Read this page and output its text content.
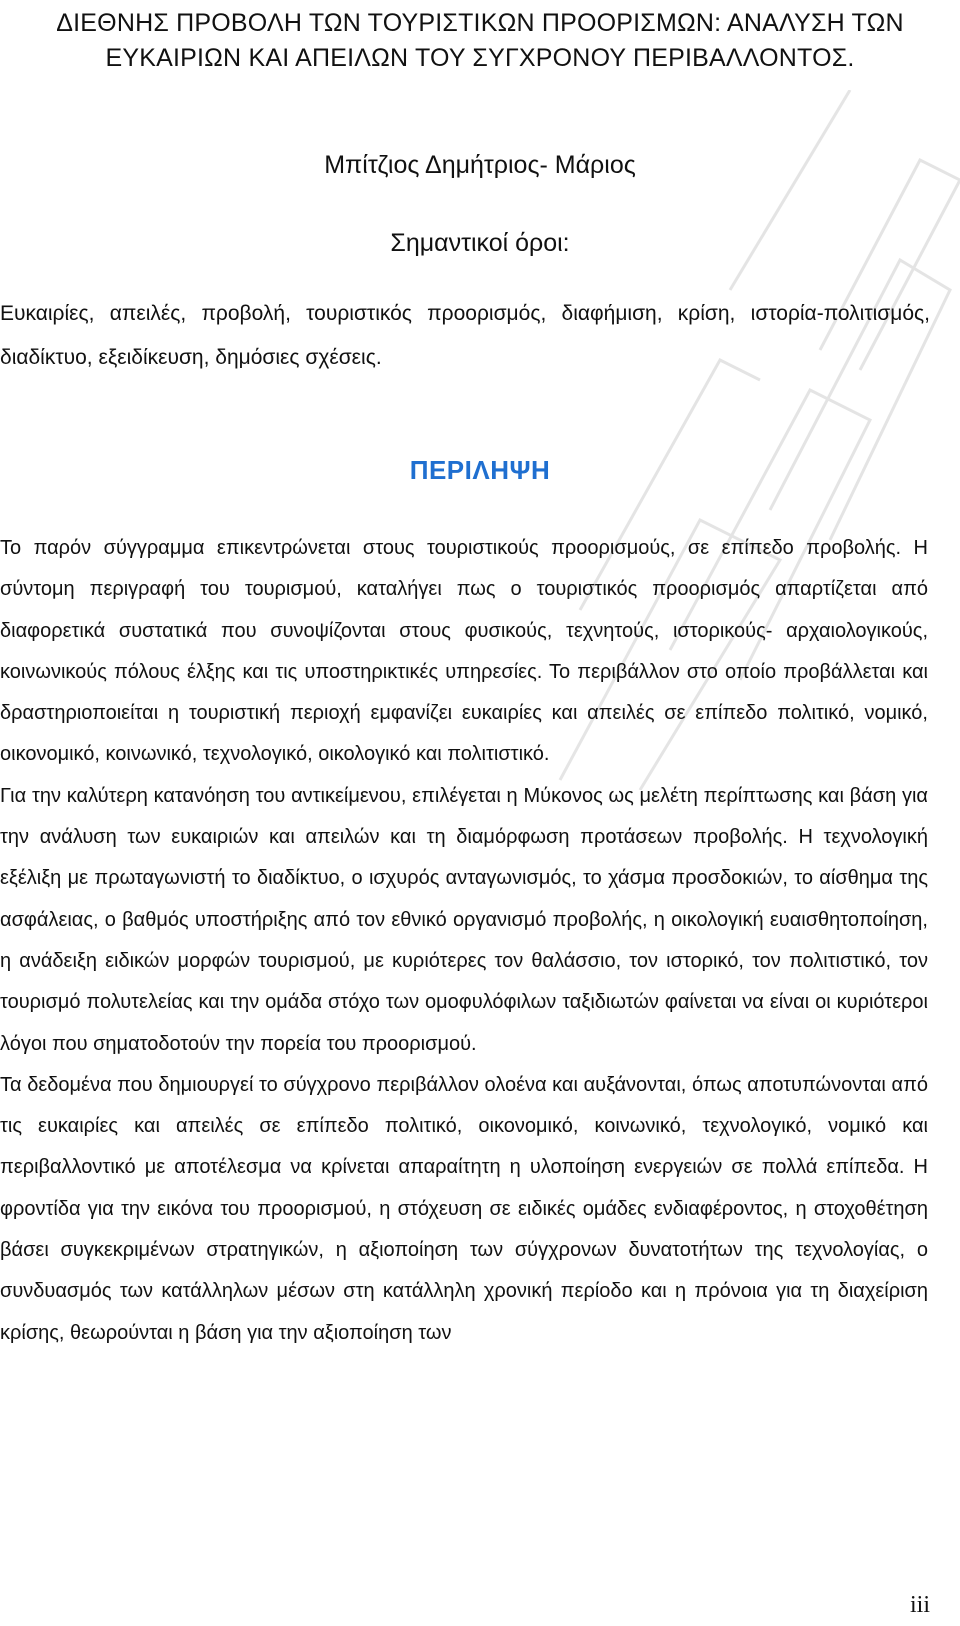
ΔΙΕΘΝΗΣ ΠΡΟΒΟΛΗ ΤΩΝ ΤΟΥΡΙΣΤΙΚΩΝ ΠΡΟΟΡΙΣΜΩΝ: ΑΝΑΛΥΣΗ ΤΩΝ ΕΥΚΑΙΡΙΩΝ ΚΑΙ ΑΠΕΙΛΩΝ ΤΟΥ ΣΥΓΧΡΟΝΟΥ ΠΕΡΙΒΑΛΛΟΝΤΟΣ.
Μπίτζιος Δημήτριος- Μάριος
Σημαντικοί όροι:
Ευκαιρίες, απειλές, προβολή, τουριστικός προορισμός, διαφήμιση, κρίση, ιστορία-πολιτισμός, διαδίκτυο, εξειδίκευση, δημόσιες σχέσεις.
ΠΕΡΙΛΗΨΗ

Το παρόν σύγγραμμα επικεντρώνεται στους τουριστικούς προορισμούς, σε επίπεδο προβολής. Η σύντομη περιγραφή του τουρισμού, καταλήγει πως ο τουριστικός προορισμός απαρτίζεται από διαφορετικά συστατικά που συνοψίζονται στους φυσικούς, τεχνητούς, ιστορικούς- αρχαιολογικούς, κοινωνικούς πόλους έλξης και τις υποστηρικτικές υπηρεσίες. Το περιβάλλον στο οποίο προβάλλεται και δραστηριοποιείται η τουριστική περιοχή εμφανίζει ευκαιρίες και απειλές σε επίπεδο πολιτικό, νομικό, οικονομικό, κοινωνικό, τεχνολογικό, οικολογικό και πολιτιστικό.

Για την καλύτερη κατανόηση του αντικείμενου, επιλέγεται η Μύκονος ως μελέτη περίπτωσης και βάση για την ανάλυση των ευκαιριών και απειλών και τη διαμόρφωση προτάσεων προβολής. Η τεχνολογική εξέλιξη με πρωταγωνιστή το διαδίκτυο, ο ισχυρός ανταγωνισμός, το χάσμα προσδοκιών, το αίσθημα της ασφάλειας, ο βαθμός υποστήριξης από τον εθνικό οργανισμό προβολής, η οικολογική ευαισθητοποίηση, η ανάδειξη ειδικών μορφών τουρισμού, με κυριότερες τον θαλάσσιο, τον ιστορικό, τον πολιτιστικό, τον τουρισμό πολυτελείας και την ομάδα στόχο των ομοφυλόφιλων ταξιδιωτών φαίνεται να είναι οι κυριότεροι λόγοι που σηματοδοτούν την πορεία του προορισμού.

Τα δεδομένα που δημιουργεί το σύγχρονο περιβάλλον ολοένα και αυξάνονται, όπως αποτυπώνονται από τις ευκαιρίες και απειλές σε επίπεδο πολιτικό, οικονομικό, κοινωνικό, τεχνολογικό, νομικό και περιβαλλοντικό με αποτέλεσμα να κρίνεται απαραίτητη η υλοποίηση ενεργειών σε πολλά επίπεδα. Η φροντίδα για την εικόνα του προορισμού, η στόχευση σε ειδικές ομάδες ενδιαφέροντος, η στοχοθέτηση βάσει συγκεκριμένων στρατηγικών, η αξιοποίηση των σύγχρονων δυνατοτήτων της τεχνολογίας, ο συνδυασμός των κατάλληλων μέσων στη κατάλληλη χρονική περίοδο και η πρόνοια για τη διαχείριση κρίσης, θεωρούνται η βάση για την αξιοποίηση των

iii
